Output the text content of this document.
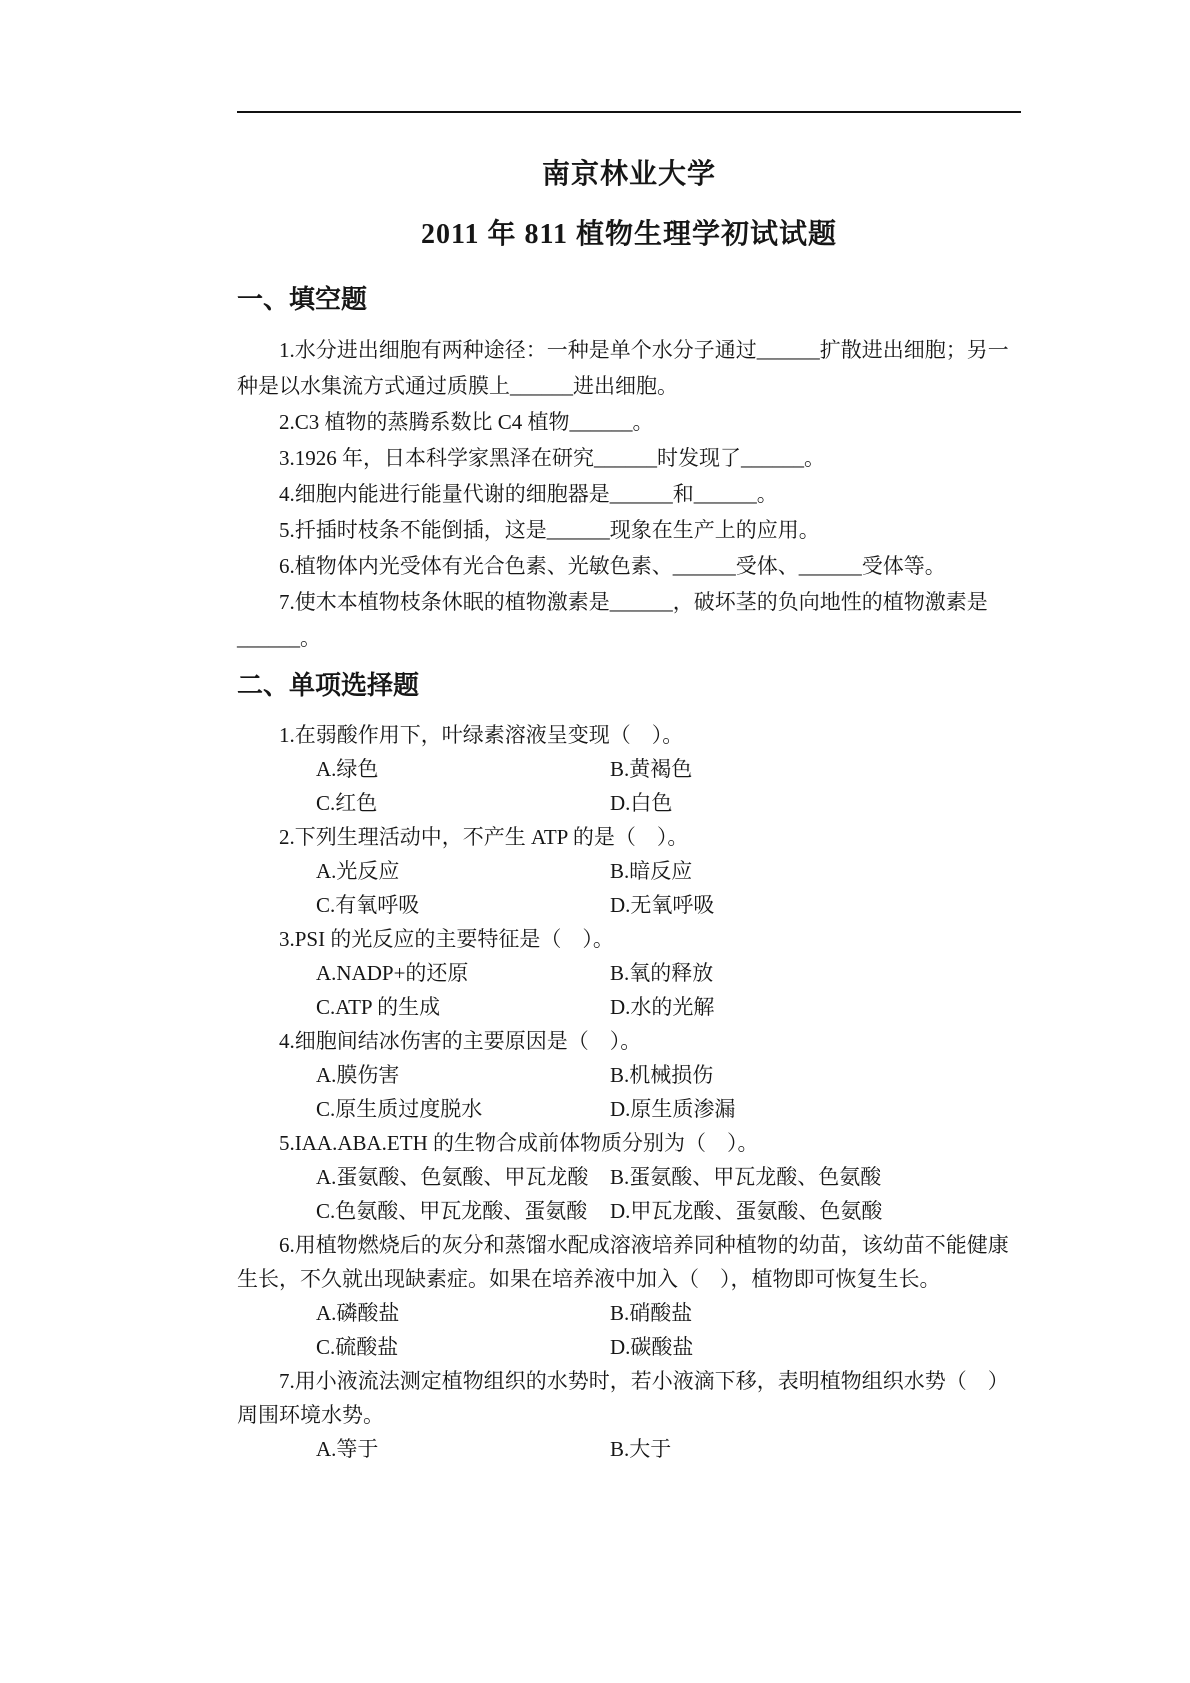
南京林业大学
2011 年 811 植物生理学初试试题
一、填空题
1.水分进出细胞有两种途径：一种是单个水分子通过______扩散进出细胞；另一
种是以水集流方式通过质膜上______进出细胞。
2.C3 植物的蒸腾系数比 C4 植物______。
3.1926 年，日本科学家黑泽在研究______时发现了______。
4.细胞内能进行能量代谢的细胞器是______和______。
5.扦插时枝条不能倒插，这是______现象在生产上的应用。
6.植物体内光受体有光合色素、光敏色素、______受体、______受体等。
7.使木本植物枝条休眠的植物激素是______，破坏茎的负向地性的植物激素是
______。
二、单项选择题
1.在弱酸作用下，叶绿素溶液呈变现（　）。
A.绿色	B.黄褐色
C.红色	D.白色
2.下列生理活动中，不产生 ATP 的是（　）。
A.光反应	B.暗反应
C.有氧呼吸	D.无氧呼吸
3.PSI 的光反应的主要特征是（　）。
A.NADP+的还原	B.氧的释放
C.ATP 的生成	D.水的光解
4.细胞间结冰伤害的主要原因是（　）。
A.膜伤害	B.机械损伤
C.原生质过度脱水	D.原生质渗漏
5.IAA.ABA.ETH 的生物合成前体物质分别为（　）。
A.蛋氨酸、色氨酸、甲瓦龙酸	B.蛋氨酸、甲瓦龙酸、色氨酸
C.色氨酸、甲瓦龙酸、蛋氨酸	D.甲瓦龙酸、蛋氨酸、色氨酸
6.用植物燃烧后的灰分和蒸馏水配成溶液培养同种植物的幼苗，该幼苗不能健康
生长，不久就出现缺素症。如果在培养液中加入（　），植物即可恢复生长。
A.磷酸盐	B.硝酸盐
C.硫酸盐	D.碳酸盐
7.用小液流法测定植物组织的水势时，若小液滴下移，表明植物组织水势（　）
周围环境水势。
A.等于	B.大于
